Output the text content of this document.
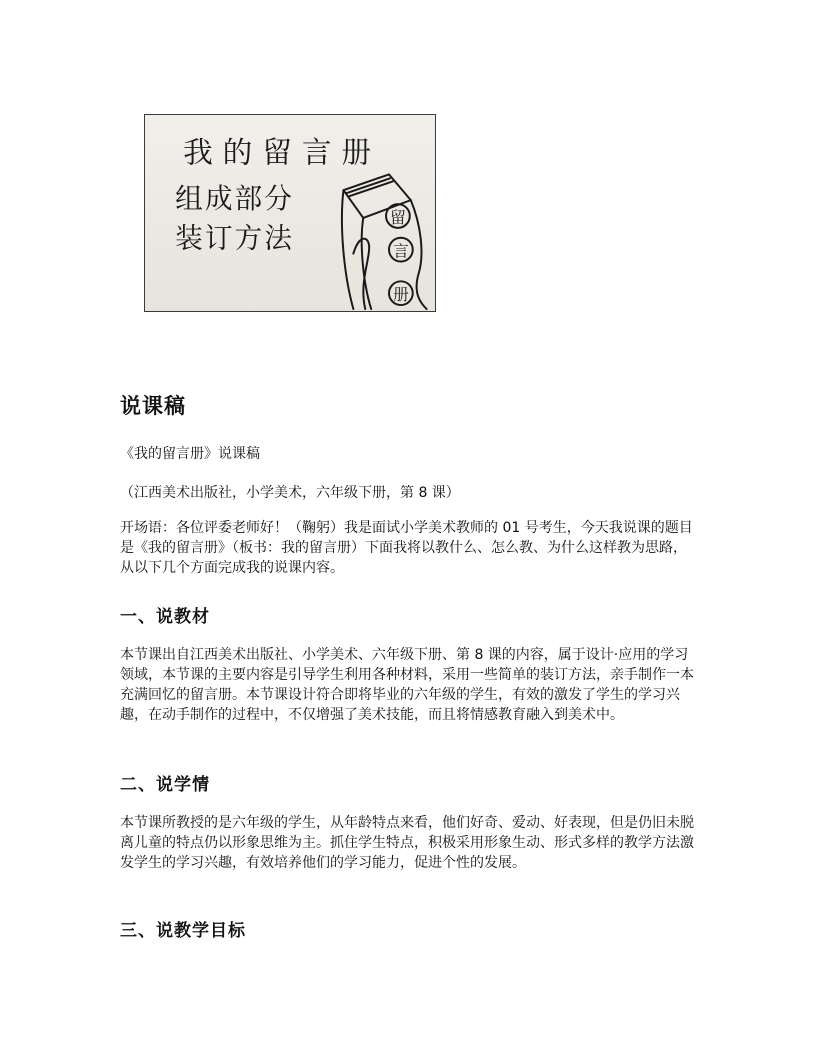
我的留言册
组成部分
装订方法
留
言
册
说课稿

《我的留言册》说课稿

（江西美术出版社，小学美术，六年级下册，第 8 课）

开场语：各位评委老师好！（鞠躬）我是面试小学美术教师的 01 号考生，今天我说课的题目是《我的留言册》（板书：我的留言册）下面我将以教什么、怎么教、为什么这样教为思路，从以下几个方面完成我的说课内容。

一、说教材

本节课出自江西美术出版社、小学美术、六年级下册、第 8 课的内容，属于设计·应用的学习领域，本节课的主要内容是引导学生利用各种材料，采用一些简单的装订方法，亲手制作一本充满回忆的留言册。本节课设计符合即将毕业的六年级的学生，有效的激发了学生的学习兴趣，在动手制作的过程中，不仅增强了美术技能，而且将情感教育融入到美术中。

二、说学情

本节课所教授的是六年级的学生，从年龄特点来看，他们好奇、爱动、好表现，但是仍旧未脱离儿童的特点仍以形象思维为主。抓住学生特点，积极采用形象生动、形式多样的教学方法激发学生的学习兴趣，有效培养他们的学习能力，促进个性的发展。

三、说教学目标
